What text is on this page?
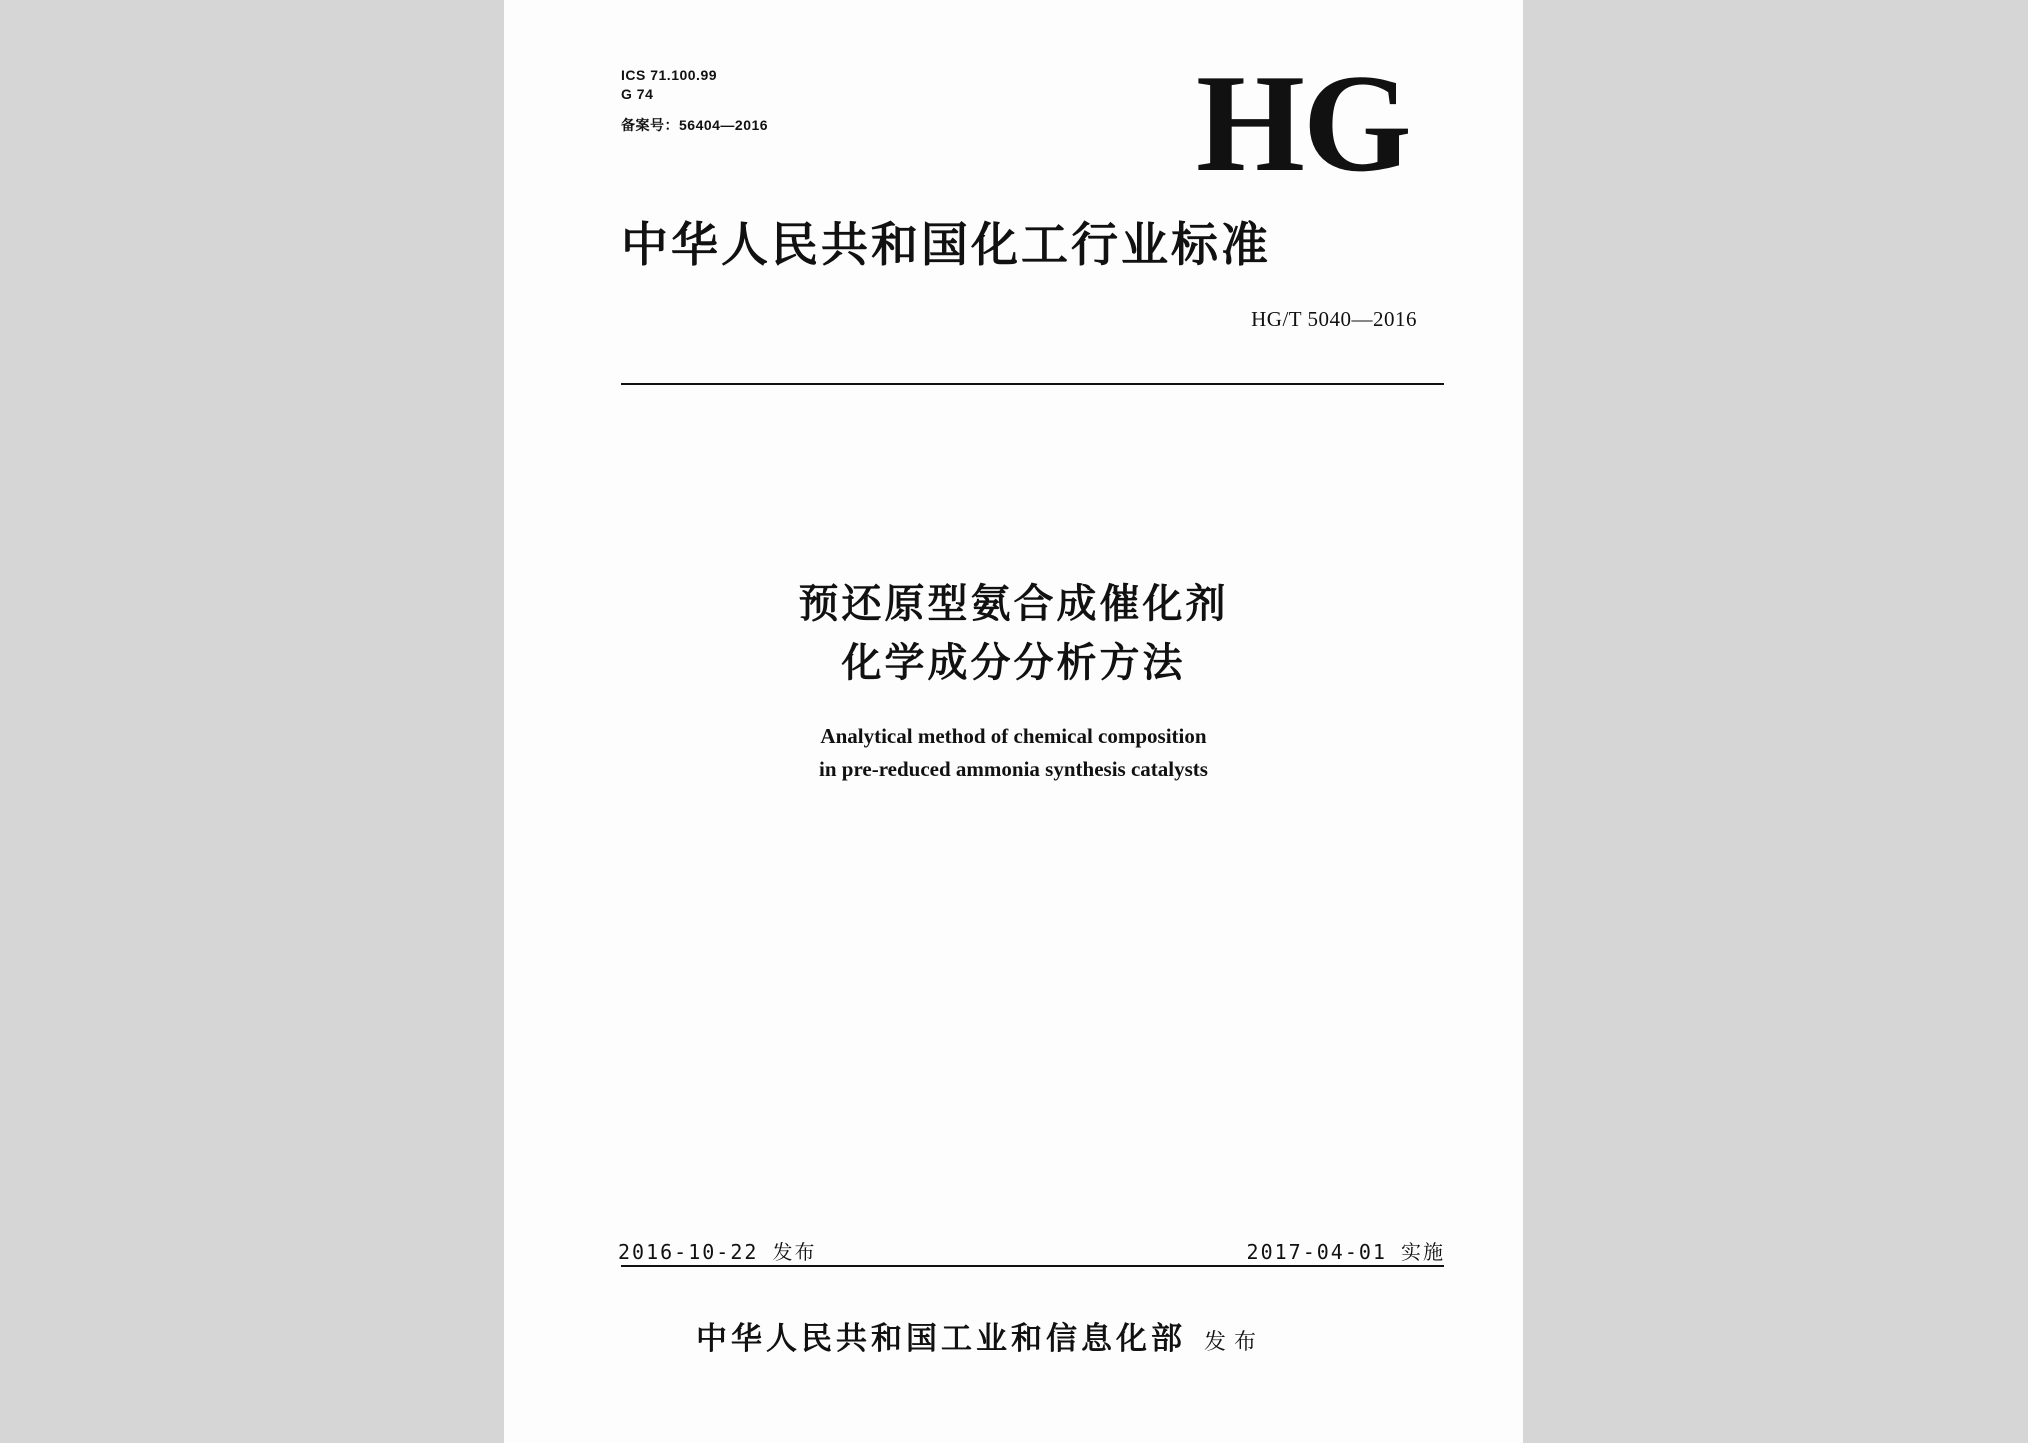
ICS 71.100.99
G 74
备案号：56404—2016	HG
中华人民共和国化工行业标准
HG/T 5040—2016
预还原型氨合成催化剂
化学成分分析方法
Analytical method of chemical composition
in pre-reduced ammonia synthesis catalysts
2016-10-22 发布	2017-04-01 实施
中华人民共和国工业和信息化部 发布
